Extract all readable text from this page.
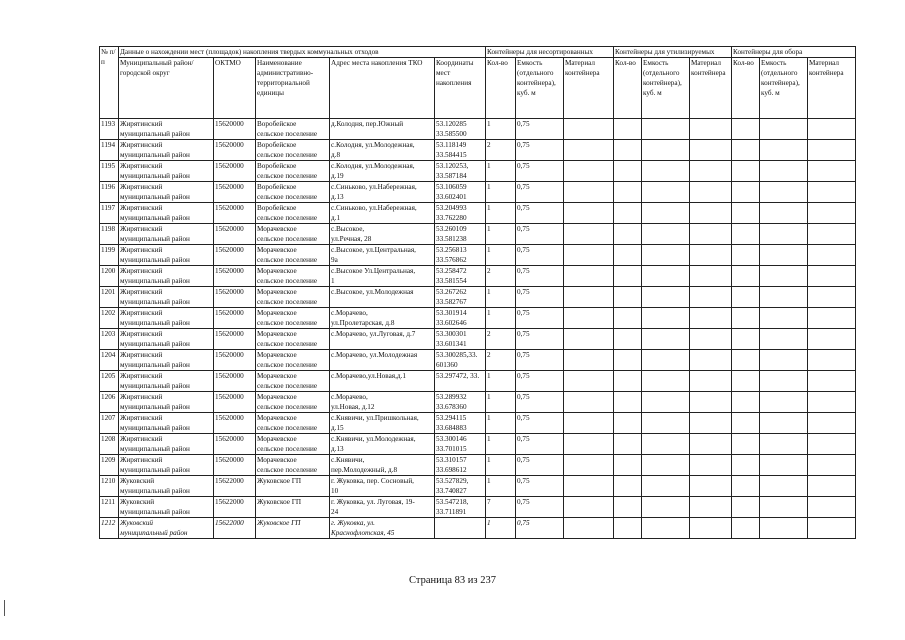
№ п/п	Данные о нахождении мест (площадок) накопления твердых коммунальных отходов					Контейнеры для несортированных			Контейнеры для утилизируемых			Контейнеры для обора		
	Муниципальный район/городской округ	ОКТМО	Наименование административно-территориальной единицы	Адрес места накопления ТКО	Координаты мест накопления	Кол-во	Емкость (отдельного контейнера), куб. м	Материал контейнера	Кол-во	Емкость (отдельного контейнера), куб. м	Материал контейнера	Кол-во	Емкость (отдельного контейнера), куб. м	Материал контейнера
1193	Жирятинский
муниципальный район	15620000	Воробейское
сельское поселение	д.Колодня, пер.Южный	53.120285
33.585500	1	0,75							
1194	Жирятинский
муниципальный район	15620000	Воробейское
сельское поселение	с.Колодня, ул.Молодежная,
д.8	53.118149
33.584415	2	0,75							
1195	Жирятинский
муниципальный район	15620000	Воробейское
сельское поселение	с.Колодня, ул.Молодежная,
д.19	53.120253,
33.587184	1	0,75							
1196	Жирятинский
муниципальный район	15620000	Воробейское
сельское поселение	с.Синьково, ул.Набережная,
д.13	53.106059
33.602401	1	0,75							
1197	Жирятинский
муниципальный район	15620000	Воробейское
сельское поселение	с.Синьково, ул.Набережная,
д.1	53.204993
33.762280	1	0,75							
1198	Жирятинский
муниципальный район	15620000	Морачевское
сельское поселение	с.Высокое,
ул.Речная, 28	53.260109
33.581238	1	0,75							
1199	Жирятинский
муниципальный район	15620000	Морачевское
сельское поселение	с.Высокое, ул.Центральная,
9а	53.256813
33.576862	1	0,75							
1200	Жирятинский
муниципальный район	15620000	Морачевское
сельское поселение	с.Высокое Ул.Центральная,
1	53.258472
33.581554	2	0,75							
1201	Жирятинский
муниципальный район	15620000	Морачевское
сельское поселение	с.Высокое, ул.Молодежная	53.267262
33.582767	1	0,75							
1202	Жирятинский
муниципальный район	15620000	Морачевское
сельское поселение	с.Морачево,
ул.Пролетарская, д.8	53.301914
33.602646	1	0,75							
1203	Жирятинский
муниципальный район	15620000	Морачевское
сельское поселение	с.Морачево, ул.Луговая, д.7	53.300301
33.601341	2	0,75							
1204	Жирятинский
муниципальный район	15620000	Морачевское
сельское поселение	с.Морачево, ул.Молодежная	53.300285,33.
601360	2	0,75							
1205	Жирятинский
муниципальный район	15620000	Морачевское
сельское поселение	с.Морачево,ул.Новая,д.1	53.297472, 33.	1	0,75							
1206	Жирятинский
муниципальный район	15620000	Морачевское
сельское поселение	с.Морачево,
ул.Новая, д.12	53.289932
33.678360	1	0,75							
1207	Жирятинский
муниципальный район	15620000	Морачевское
сельское поселение	с.Княвичи, ул.Пришкольная,
д.15	53.294115
33.684883	1	0,75							
1208	Жирятинский
муниципальный район	15620000	Морачевское
сельское поселение	с.Княвичи, ул.Молодежная,
д.13	53.300146
33.701015	1	0,75							
1209	Жирятинский
муниципальный район	15620000	Морачевское
сельское поселение	с.Княвичи,
пер.Молодежный, д.8	53.310157
33.698612	1	0,75							
1210	Жуковский
муниципальный район	15622000	Жуковское ГП	г. Жуковка, пер. Сосновый,
10	53.527829,
33.740827	1	0,75							
1211	Жуковский
муниципальный район	15622000	Жуковское ГП	г. Жуковка, ул. Луговая, 19-
24	53.547218,
33.711891	7	0,75							
1212	Жуковский
муниципальный район	15622000	Жуковское ГП	г. Жуковка, ул.
Краснофлотская, 45		1	0,75							
Страница 83 из 237
